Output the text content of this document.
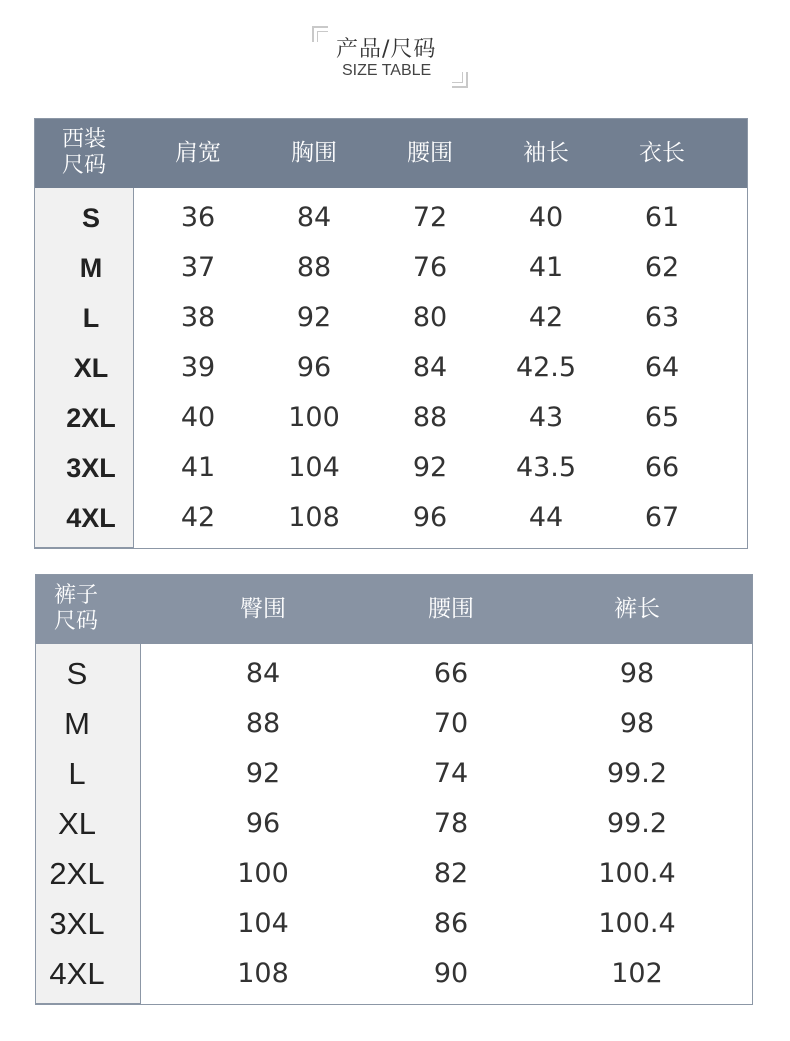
产品/尺码
SIZE TABLE
西装
尺码	肩宽	胸围	腰围	袖长	衣长
S	36	84	72	40	61
M	37	88	76	41	62
L	38	92	80	42	63
XL	39	96	84	42.5	64
2XL	40	100	88	43	65
3XL	41	104	92	43.5	66
4XL	42	108	96	44	67
裤子
尺码	臀围	腰围	裤长
S	84	66	98
M	88	70	98
L	92	74	99.2
XL	96	78	99.2
2XL	100	82	100.4
3XL	104	86	100.4
4XL	108	90	102
